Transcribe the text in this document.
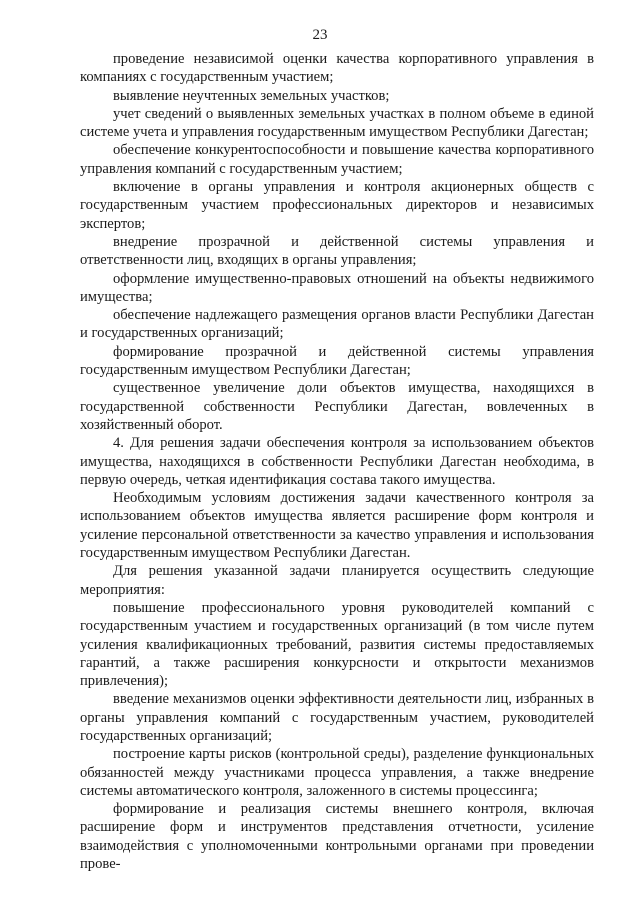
23

проведение независимой оценки качества корпоративного управления в компаниях с государственным участием;

выявление неучтенных земельных участков;

учет сведений о выявленных земельных участках в полном объеме в единой системе учета и управления государственным имуществом Республики Дагестан;

обеспечение конкурентоспособности и повышение качества корпоративного управления компаний с государственным участием;

включение в органы управления и контроля акционерных обществ с государственным участием профессиональных директоров и независимых экспертов;

внедрение прозрачной и действенной системы управления и ответственности лиц, входящих в органы управления;

оформление имущественно-правовых отношений на объекты недвижимого имущества;

обеспечение надлежащего размещения органов власти Республики Дагестан и государственных организаций;

формирование прозрачной и действенной системы управления государственным имуществом Республики Дагестан;

существенное увеличение доли объектов имущества, находящихся в государственной собственности Республики Дагестан, вовлеченных в хозяйственный оборот.

4. Для решения задачи обеспечения контроля за использованием объектов имущества, находящихся в собственности Республики Дагестан необходима, в первую очередь, четкая идентификация состава такого имущества.

Необходимым условиям достижения задачи качественного контроля за использованием объектов имущества является расширение форм контроля и усиление персональной ответственности за качество управления и использования государственным имуществом Республики Дагестан.

Для решения указанной задачи планируется осуществить следующие мероприятия:

повышение профессионального уровня руководителей компаний с государственным участием и государственных организаций (в том числе путем усиления квалификационных требований, развития системы предоставляемых гарантий, а также расширения конкурсности и открытости механизмов привлечения);

введение механизмов оценки эффективности деятельности лиц, избранных в органы управления компаний с государственным участием, руководителей государственных организаций;

построение карты рисков (контрольной среды), разделение функциональных обязанностей между участниками процесса управления, а также внедрение системы автоматического контроля, заложенного в системы процессинга;

формирование и реализация системы внешнего контроля, включая расширение форм и инструментов представления отчетности, усиление взаимодействия с уполномоченными контрольными органами при проведении прове-
